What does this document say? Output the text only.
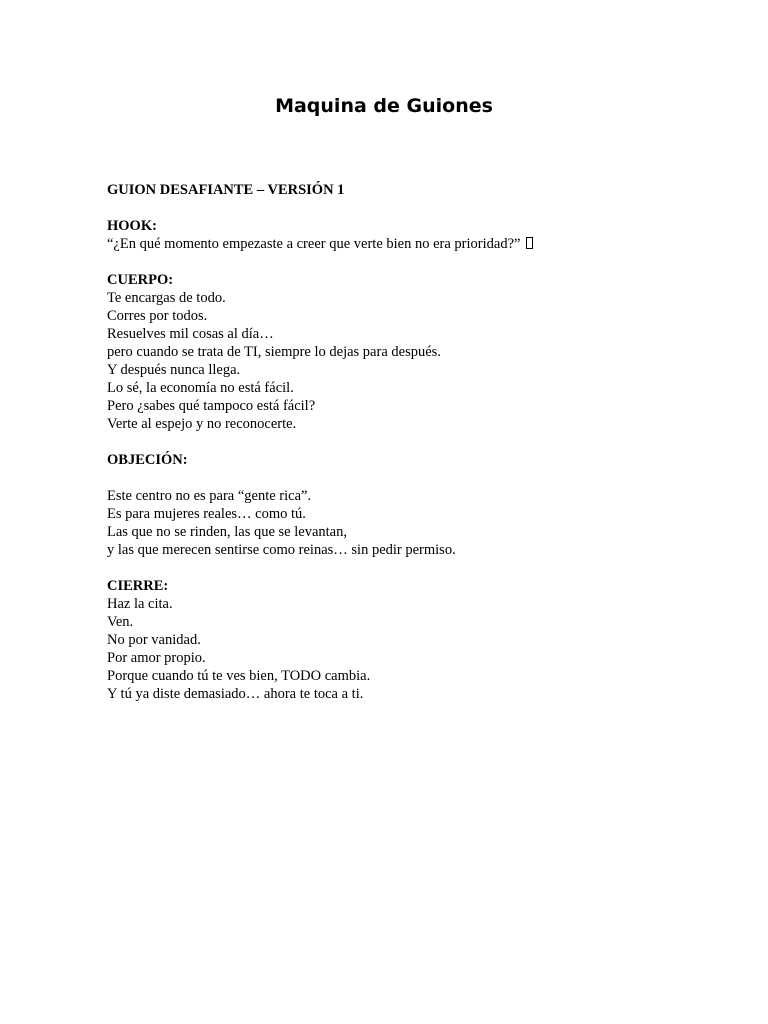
Maquina de Guiones

GUION DESAFIANTE – VERSIÓN 1

HOOK:

“¿En qué momento empezaste a creer que verte bien no era prioridad?”

CUERPO:

Te encargas de todo.

Corres por todos.

Resuelves mil cosas al día…

pero cuando se trata de TI, siempre lo dejas para después.

Y después nunca llega.

Lo sé, la economía no está fácil.

Pero ¿sabes qué tampoco está fácil?

Verte al espejo y no reconocerte.

OBJECIÓN:

Este centro no es para “gente rica”.

Es para mujeres reales… como tú.

Las que no se rinden, las que se levantan,

y las que merecen sentirse como reinas… sin pedir permiso.

CIERRE:

Haz la cita.

Ven.

No por vanidad.

Por amor propio.

Porque cuando tú te ves bien, TODO cambia.

Y tú ya diste demasiado… ahora te toca a ti.
